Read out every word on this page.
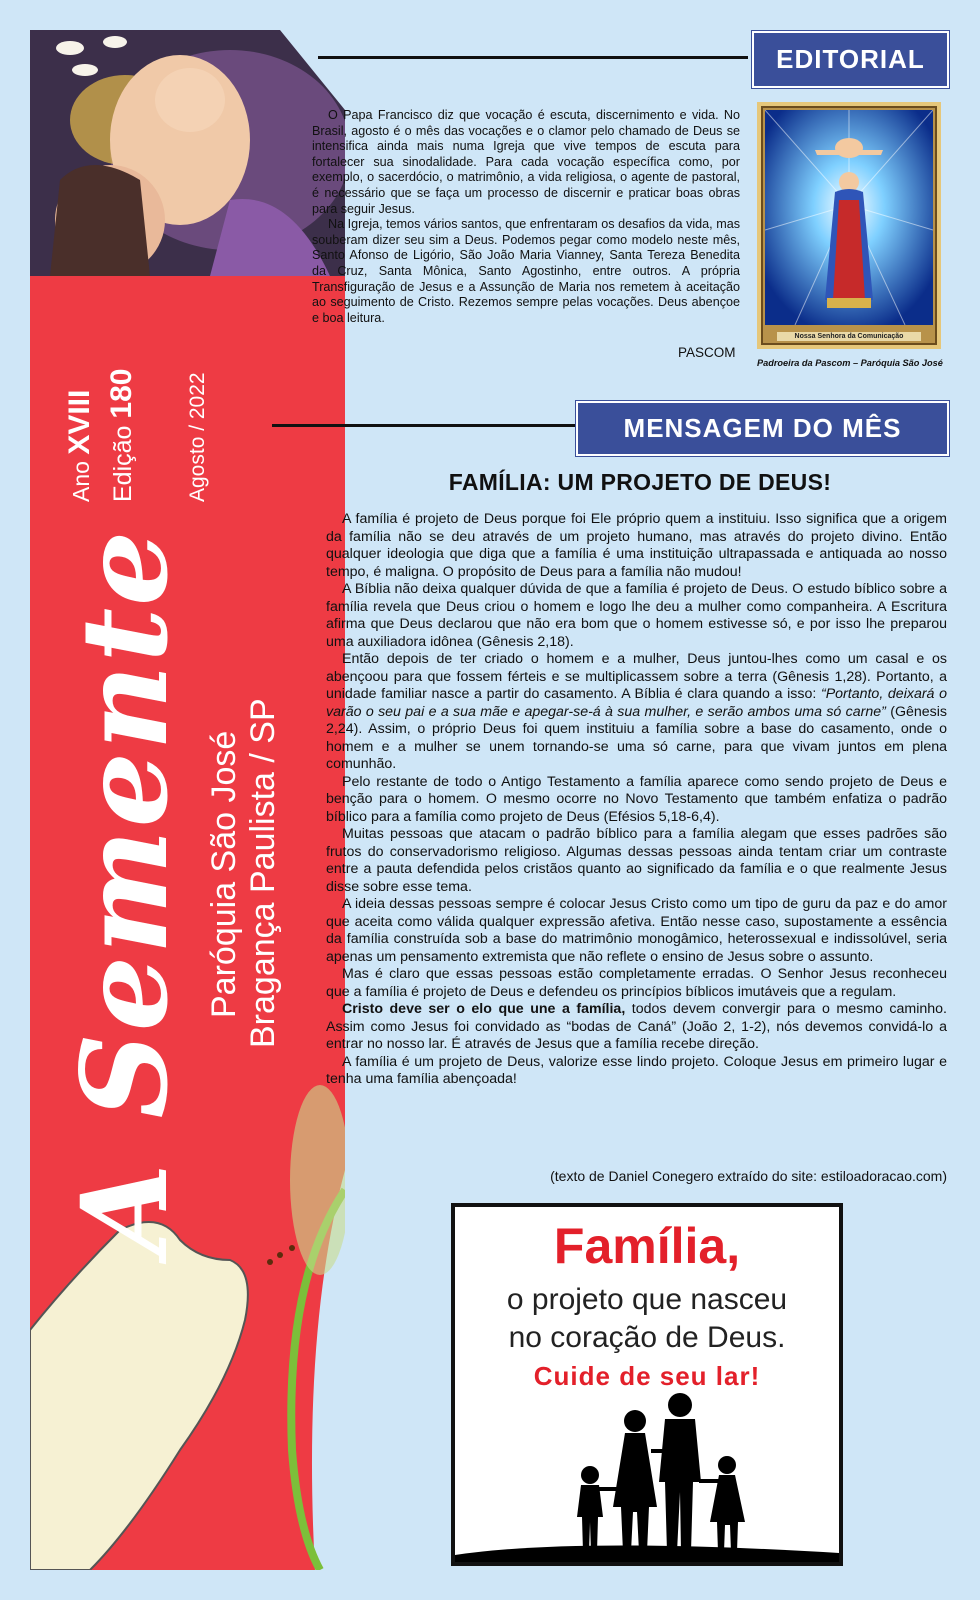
Ano XVIII
Edição 180 Agosto / 2022
A Semente Paróquia São José Bragança Paulista / SP
EDITORIAL

O Papa Francisco diz que vocação é escuta, discernimento e vida. No Brasil, agosto é o mês das vocações e o clamor pelo chamado de Deus se intensifica ainda mais numa Igreja que vive tempos de escuta para fortalecer sua sinodalidade. Para cada vocação específica como, por exemplo, o sacerdócio, o matrimônio, a vida religiosa, o agente de pastoral, é necessário que se faça um processo de discernir e praticar boas obras para seguir Jesus.

Na Igreja, temos vários santos, que enfrentaram os desafios da vida, mas souberam dizer seu sim a Deus. Podemos pegar como modelo neste mês, Santo Afonso de Ligório, São João Maria Vianney, Santa Tereza Benedita da Cruz, Santa Mônica, Santo Agostinho, entre outros. A própria Transfiguração de Jesus e a Assunção de Maria nos remetem à aceitação ao seguimento de Cristo. Rezemos sempre pelas vocações. Deus abençoe e boa leitura.

PASCOM
Nossa Senhora da Comunicação
Padroeira da Pascom – Paróquia São José
MENSAGEM DO MÊS
FAMÍLIA: UM PROJETO DE DEUS!

A família é projeto de Deus porque foi Ele próprio quem a instituiu. Isso significa que a origem da família não se deu através de um projeto humano, mas através do projeto divino. Então qualquer ideologia que diga que a família é uma instituição ultrapassada e antiquada ao nosso tempo, é maligna. O propósito de Deus para a família não mudou!

A Bíblia não deixa qualquer dúvida de que a família é projeto de Deus. O estudo bíblico sobre a família revela que Deus criou o homem e logo lhe deu a mulher como companheira. A Escritura afirma que Deus declarou que não era bom que o homem estivesse só, e por isso lhe preparou uma auxiliadora idônea (Gênesis 2,18).

Então depois de ter criado o homem e a mulher, Deus juntou-lhes como um casal e os abençoou para que fossem férteis e se multiplicassem sobre a terra (Gênesis 1,28). Portanto, a unidade familiar nasce a partir do casamento. A Bíblia é clara quando a isso: “Portanto, deixará o varão o seu pai e a sua mãe e apegar-se-á à sua mulher, e serão ambos uma só carne” (Gênesis 2,24). Assim, o próprio Deus foi quem instituiu a família sobre a base do casamento, onde o homem e a mulher se unem tornando-se uma só carne, para que vivam juntos em plena comunhão.

Pelo restante de todo o Antigo Testamento a família aparece como sendo projeto de Deus e benção para o homem. O mesmo ocorre no Novo Testamento que também enfatiza o padrão bíblico para a família como projeto de Deus (Efésios 5,18-6,4).

Muitas pessoas que atacam o padrão bíblico para a família alegam que esses padrões são frutos do conservadorismo religioso. Algumas dessas pessoas ainda tentam criar um contraste entre a pauta defendida pelos cristãos quanto ao significado da família e o que realmente Jesus disse sobre esse tema.

A ideia dessas pessoas sempre é colocar Jesus Cristo como um tipo de guru da paz e do amor que aceita como válida qualquer expressão afetiva. Então nesse caso, supostamente a essência da família construída sob a base do matrimônio monogâmico, heterossexual e indissolúvel, seria apenas um pensamento extremista que não reflete o ensino de Jesus sobre o assunto.

Mas é claro que essas pessoas estão completamente erradas. O Senhor Jesus reconheceu que a família é projeto de Deus e defendeu os princípios bíblicos imutáveis que a regulam.

Cristo deve ser o elo que une a família, todos devem convergir para o mesmo caminho. Assim como Jesus foi convidado as “bodas de Caná” (João 2, 1-2), nós devemos convidá-lo a entrar no nosso lar. É através de Jesus que a família recebe direção.

A família é um projeto de Deus, valorize esse lindo projeto. Coloque Jesus em primeiro lugar e tenha uma família abençoada!

(texto de Daniel Conegero extraído do site: estiloadoracao.com)
Família,
o projeto que nasceu
no coração de Deus.
Cuide de seu lar!
